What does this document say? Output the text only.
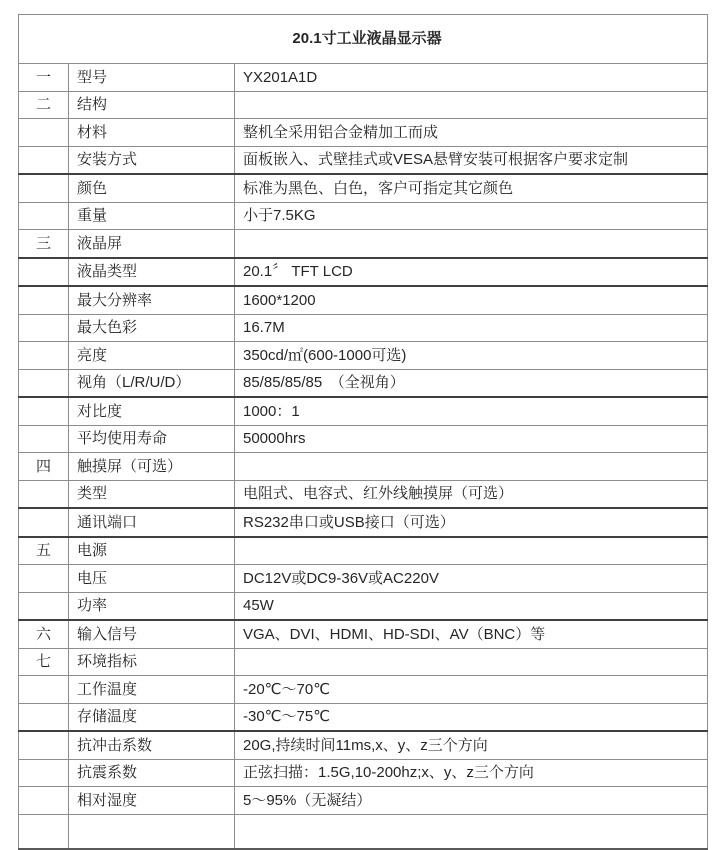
20.1寸工业液晶显示器		
一	型号	YX201A1D
二	结构	
	材料	整机全采用铝合金精加工而成
	安装方式	面板嵌入、式壁挂式或VESA悬臂安装可根据客户要求定制
	颜色	标准为黑色、白色，客户可指定其它颜色
	重量	小于7.5KG
三	液晶屏	
	液晶类型	20.1〞 TFT LCD
	最大分辨率	1600*1200
	最大色彩	16.7M
	亮度	350cd/㎡(600-1000可选)
	视角（L/R/U/D）	85/85/85/85　（全视角）
	对比度	1000：1
	平均使用寿命	50000hrs
四	触摸屏（可选）	
	类型	电阻式、电容式、红外线触摸屏（可选）
	通讯端口	RS232串口或USB接口（可选）
五	电源	
	电压	DC12V或DC9-36V或AC220V
	功率	45W
六	输入信号	VGA、DVI、HDMI、HD-SDI、AV（BNC）等
七	环境指标	
	工作温度	-20℃～70℃
	存储温度	-30℃～75℃
	抗冲击系数	20G,持续时间11ms,x、y、z三个方向
	抗震系数	正弦扫描：1.5G,10-200hz;x、y、z三个方向
	相对湿度	5～95%（无凝结）
